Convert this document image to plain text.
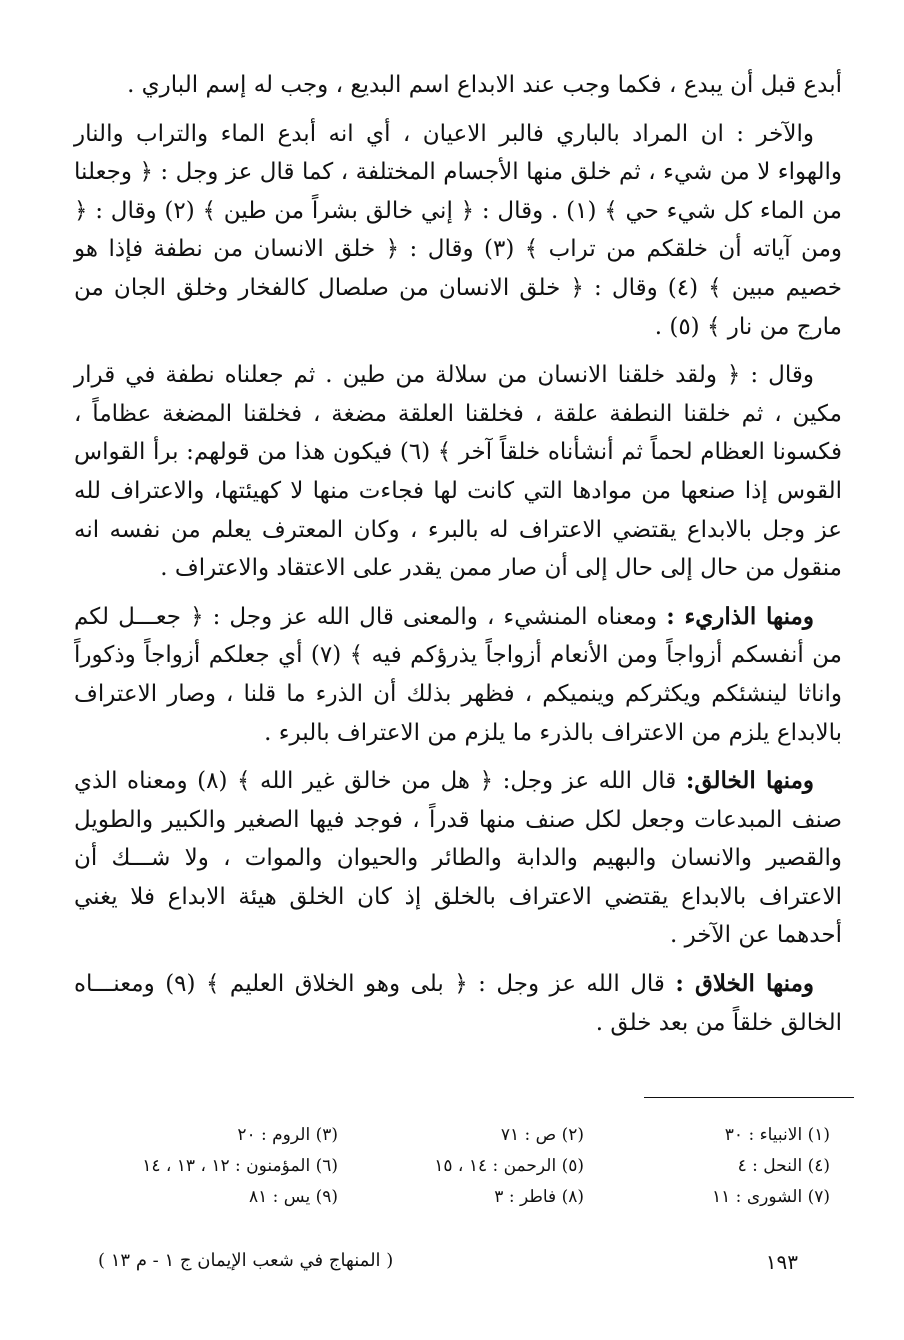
أبدع قبل أن يبدع ، فكما وجب عند الابداع اسم البديع ، وجب له إسم الباري .

والآخر : ان المراد بالباري فالبر الاعيان ، أي انه أبدع الماء والتراب والنار والهواء لا من شيء ، ثم خلق منها الأجسام المختلفة ، كما قال عز وجل : ﴿ وجعلنا من الماء كل شيء حي ﴾ (١) . وقال : ﴿ إني خالق بشراً من طين ﴾ (٢) وقال : ﴿ ومن آياته أن خلقكم من تراب ﴾ (٣) وقال : ﴿ خلق الانسان من نطفة فإذا هو خصيم مبين ﴾ (٤) وقال : ﴿ خلق الانسان من صلصال كالفخار وخلق الجان من مارج من نار ﴾ (٥) .

وقال : ﴿ ولقد خلقنا الانسان من سلالة من طين . ثم جعلناه نطفة في قرار مكين ، ثم خلقنا النطفة علقة ، فخلقنا العلقة مضغة ، فخلقنا المضغة عظاماً ، فكسونا العظام لحماً ثم أنشأناه خلقاً آخر ﴾ (٦) فيكون هذا من قولهم: برأ القواس القوس إذا صنعها من موادها التي كانت لها فجاءت منها لا كهيئتها، والاعتراف لله عز وجل بالابداع يقتضي الاعتراف له بالبرء ، وكان المعترف يعلم من نفسه انه منقول من حال إلى حال إلى أن صار ممن يقدر على الاعتقاد والاعتراف .

ومنها الذاريء : ومعناه المنشيء ، والمعنى قال الله عز وجل : ﴿ جعـــل لكم من أنفسكم أزواجاً ومن الأنعام أزواجاً يذرؤكم فيه ﴾ (٧) أي جعلكم أزواجاً وذكوراً واناثا لينشئكم ويكثركم وينميكم ، فظهر بذلك أن الذرء ما قلنا ، وصار الاعتراف بالابداع يلزم من الاعتراف بالذرء ما يلزم من الاعتراف بالبرء .

ومنها الخالق: قال الله عز وجل: ﴿ هل من خالق غير الله ﴾ (٨) ومعناه الذي صنف المبدعات وجعل لكل صنف منها قدراً ، فوجد فيها الصغير والكبير والطويل والقصير والانسان والبهيم والدابة والطائر والحيوان والموات ، ولا شـــك أن الاعتراف بالابداع يقتضي الاعتراف بالخلق إذ كان الخلق هيئة الابداع فلا يغني أحدهما عن الآخر .

ومنها الخلاق : قال الله عز وجل : ﴿ بلى وهو الخلاق العليم ﴾ (٩) ومعنـــاه الخالق خلقاً من بعد خلق .

(١) الانبياء : ٣٠
(٢) ص : ٧١
(٣) الروم : ٢٠
(٤) النحل : ٤
(٥) الرحمن : ١٤ ، ١٥
(٦) المؤمنون : ١٢ ، ١٣ ، ١٤
(٧) الشورى : ١١
(٨) فاطر : ٣
(٩) يس : ٨١
١٩٣
( المنهاج في شعب الإيمان ج ١ - م ١٣ )
